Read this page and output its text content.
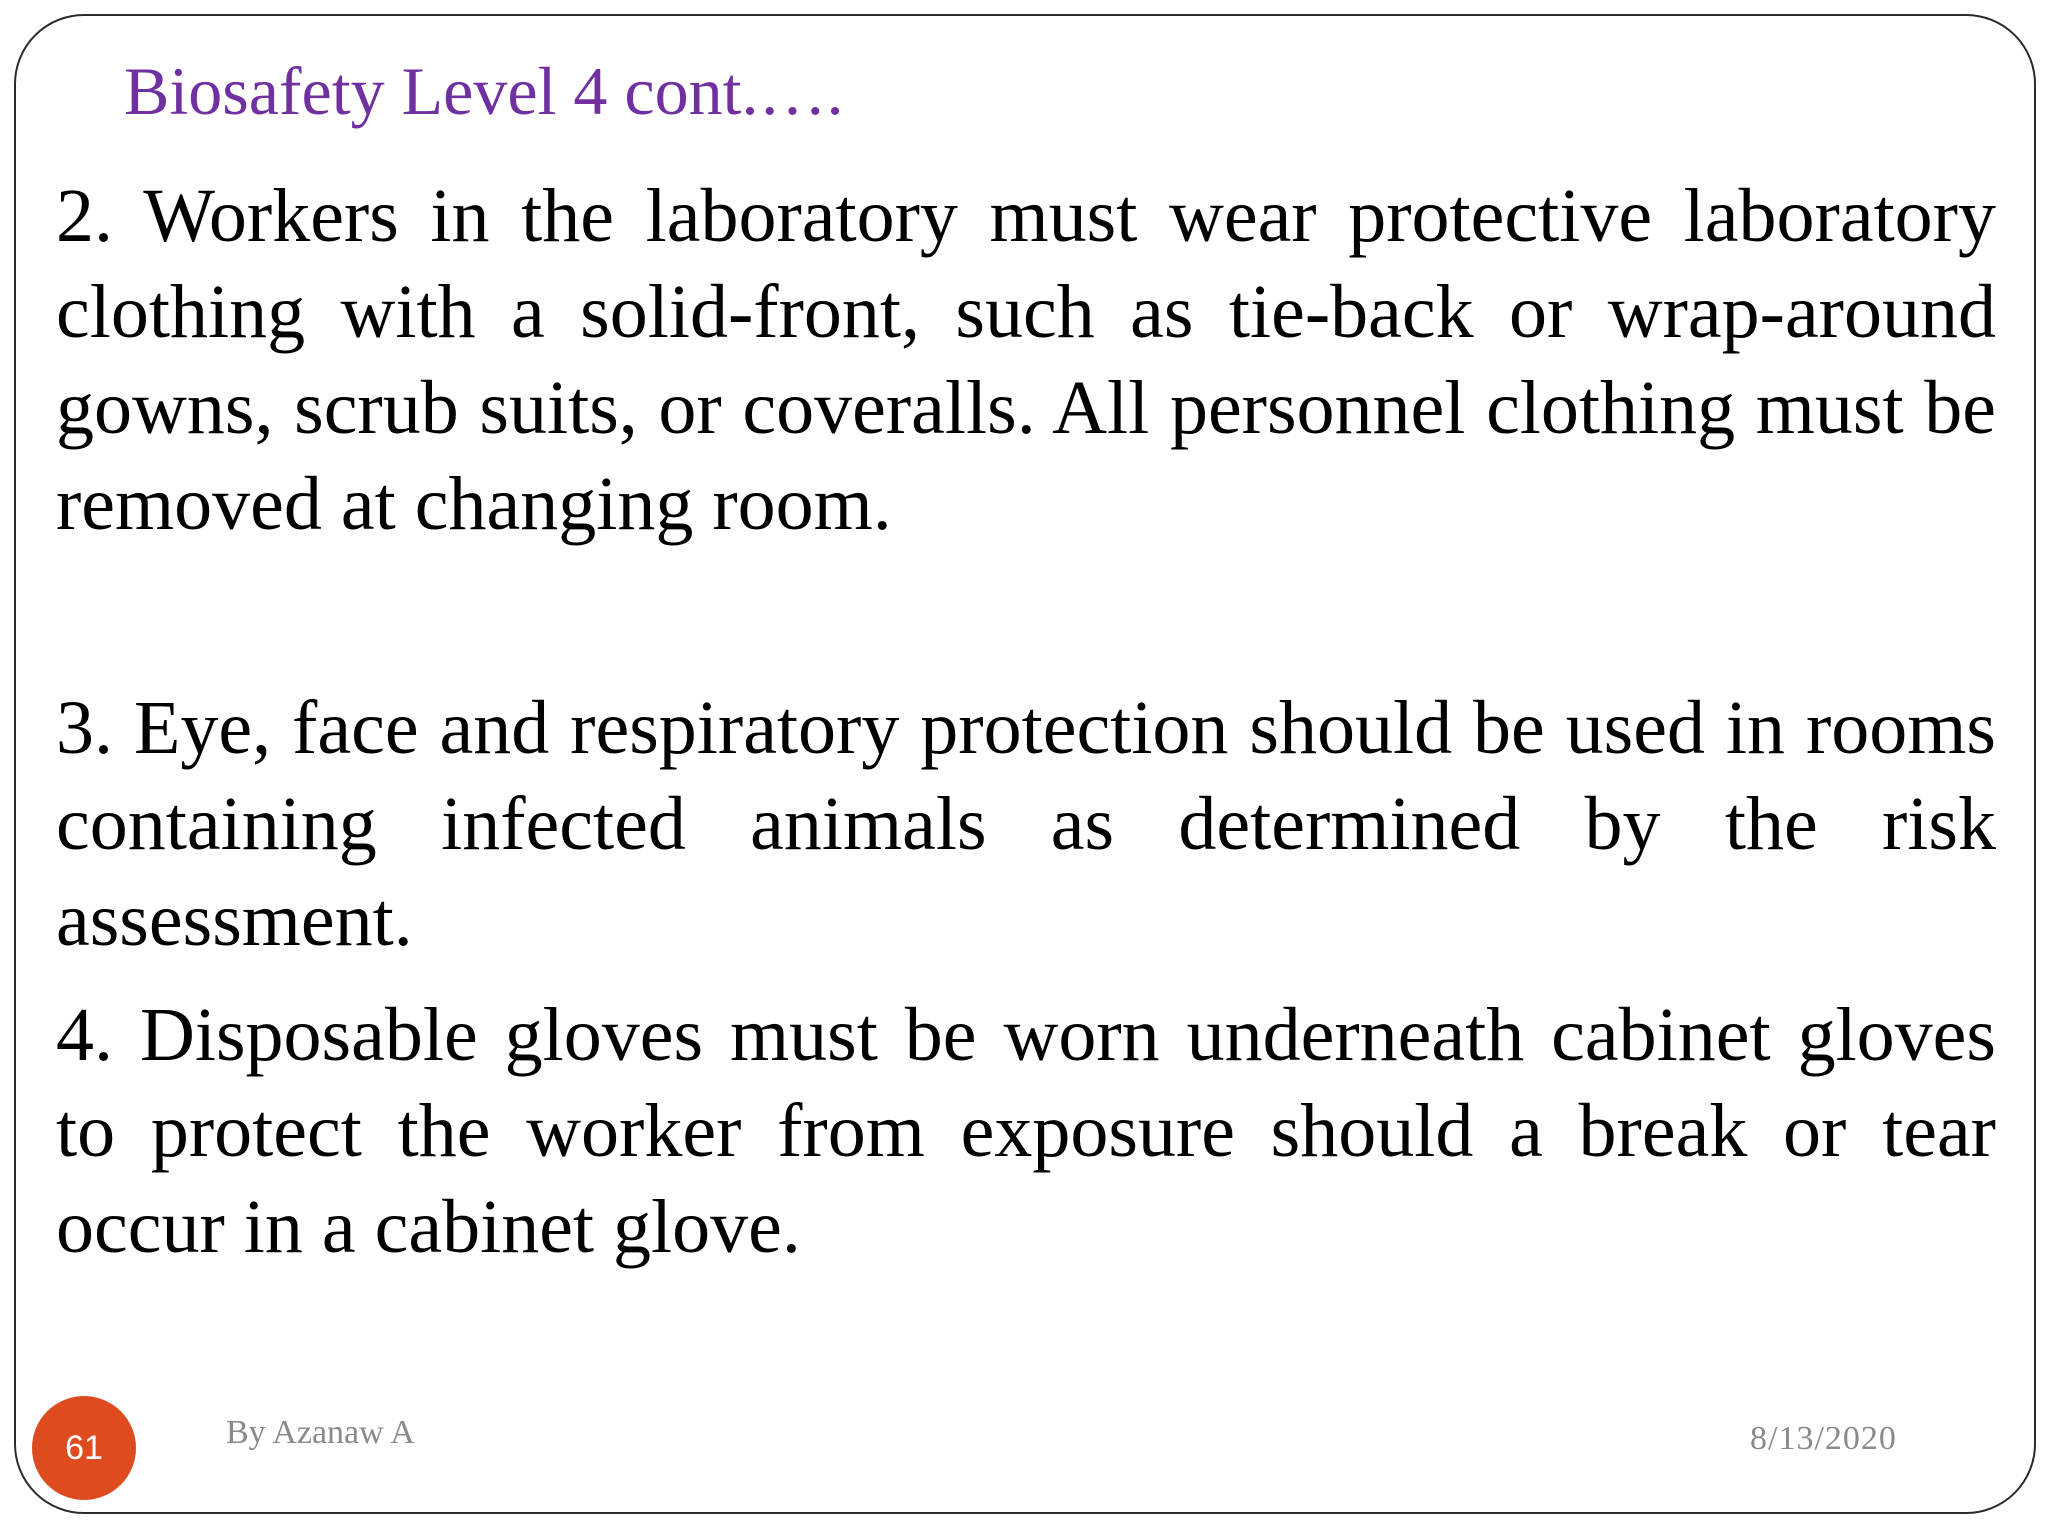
Biosafety Level 4 cont.….
2. Workers in the laboratory must wear protective laboratory clothing with a solid-front, such as tie-back or wrap-around gowns, scrub suits, or coveralls. All personnel clothing must be removed at changing room.
3. Eye, face and respiratory protection should be used in rooms containing infected animals as determined by the risk assessment.
4. Disposable gloves must be worn underneath cabinet gloves to protect the worker from exposure should a break or tear occur in a cabinet glove.
61	By Azanaw A	8/13/2020
